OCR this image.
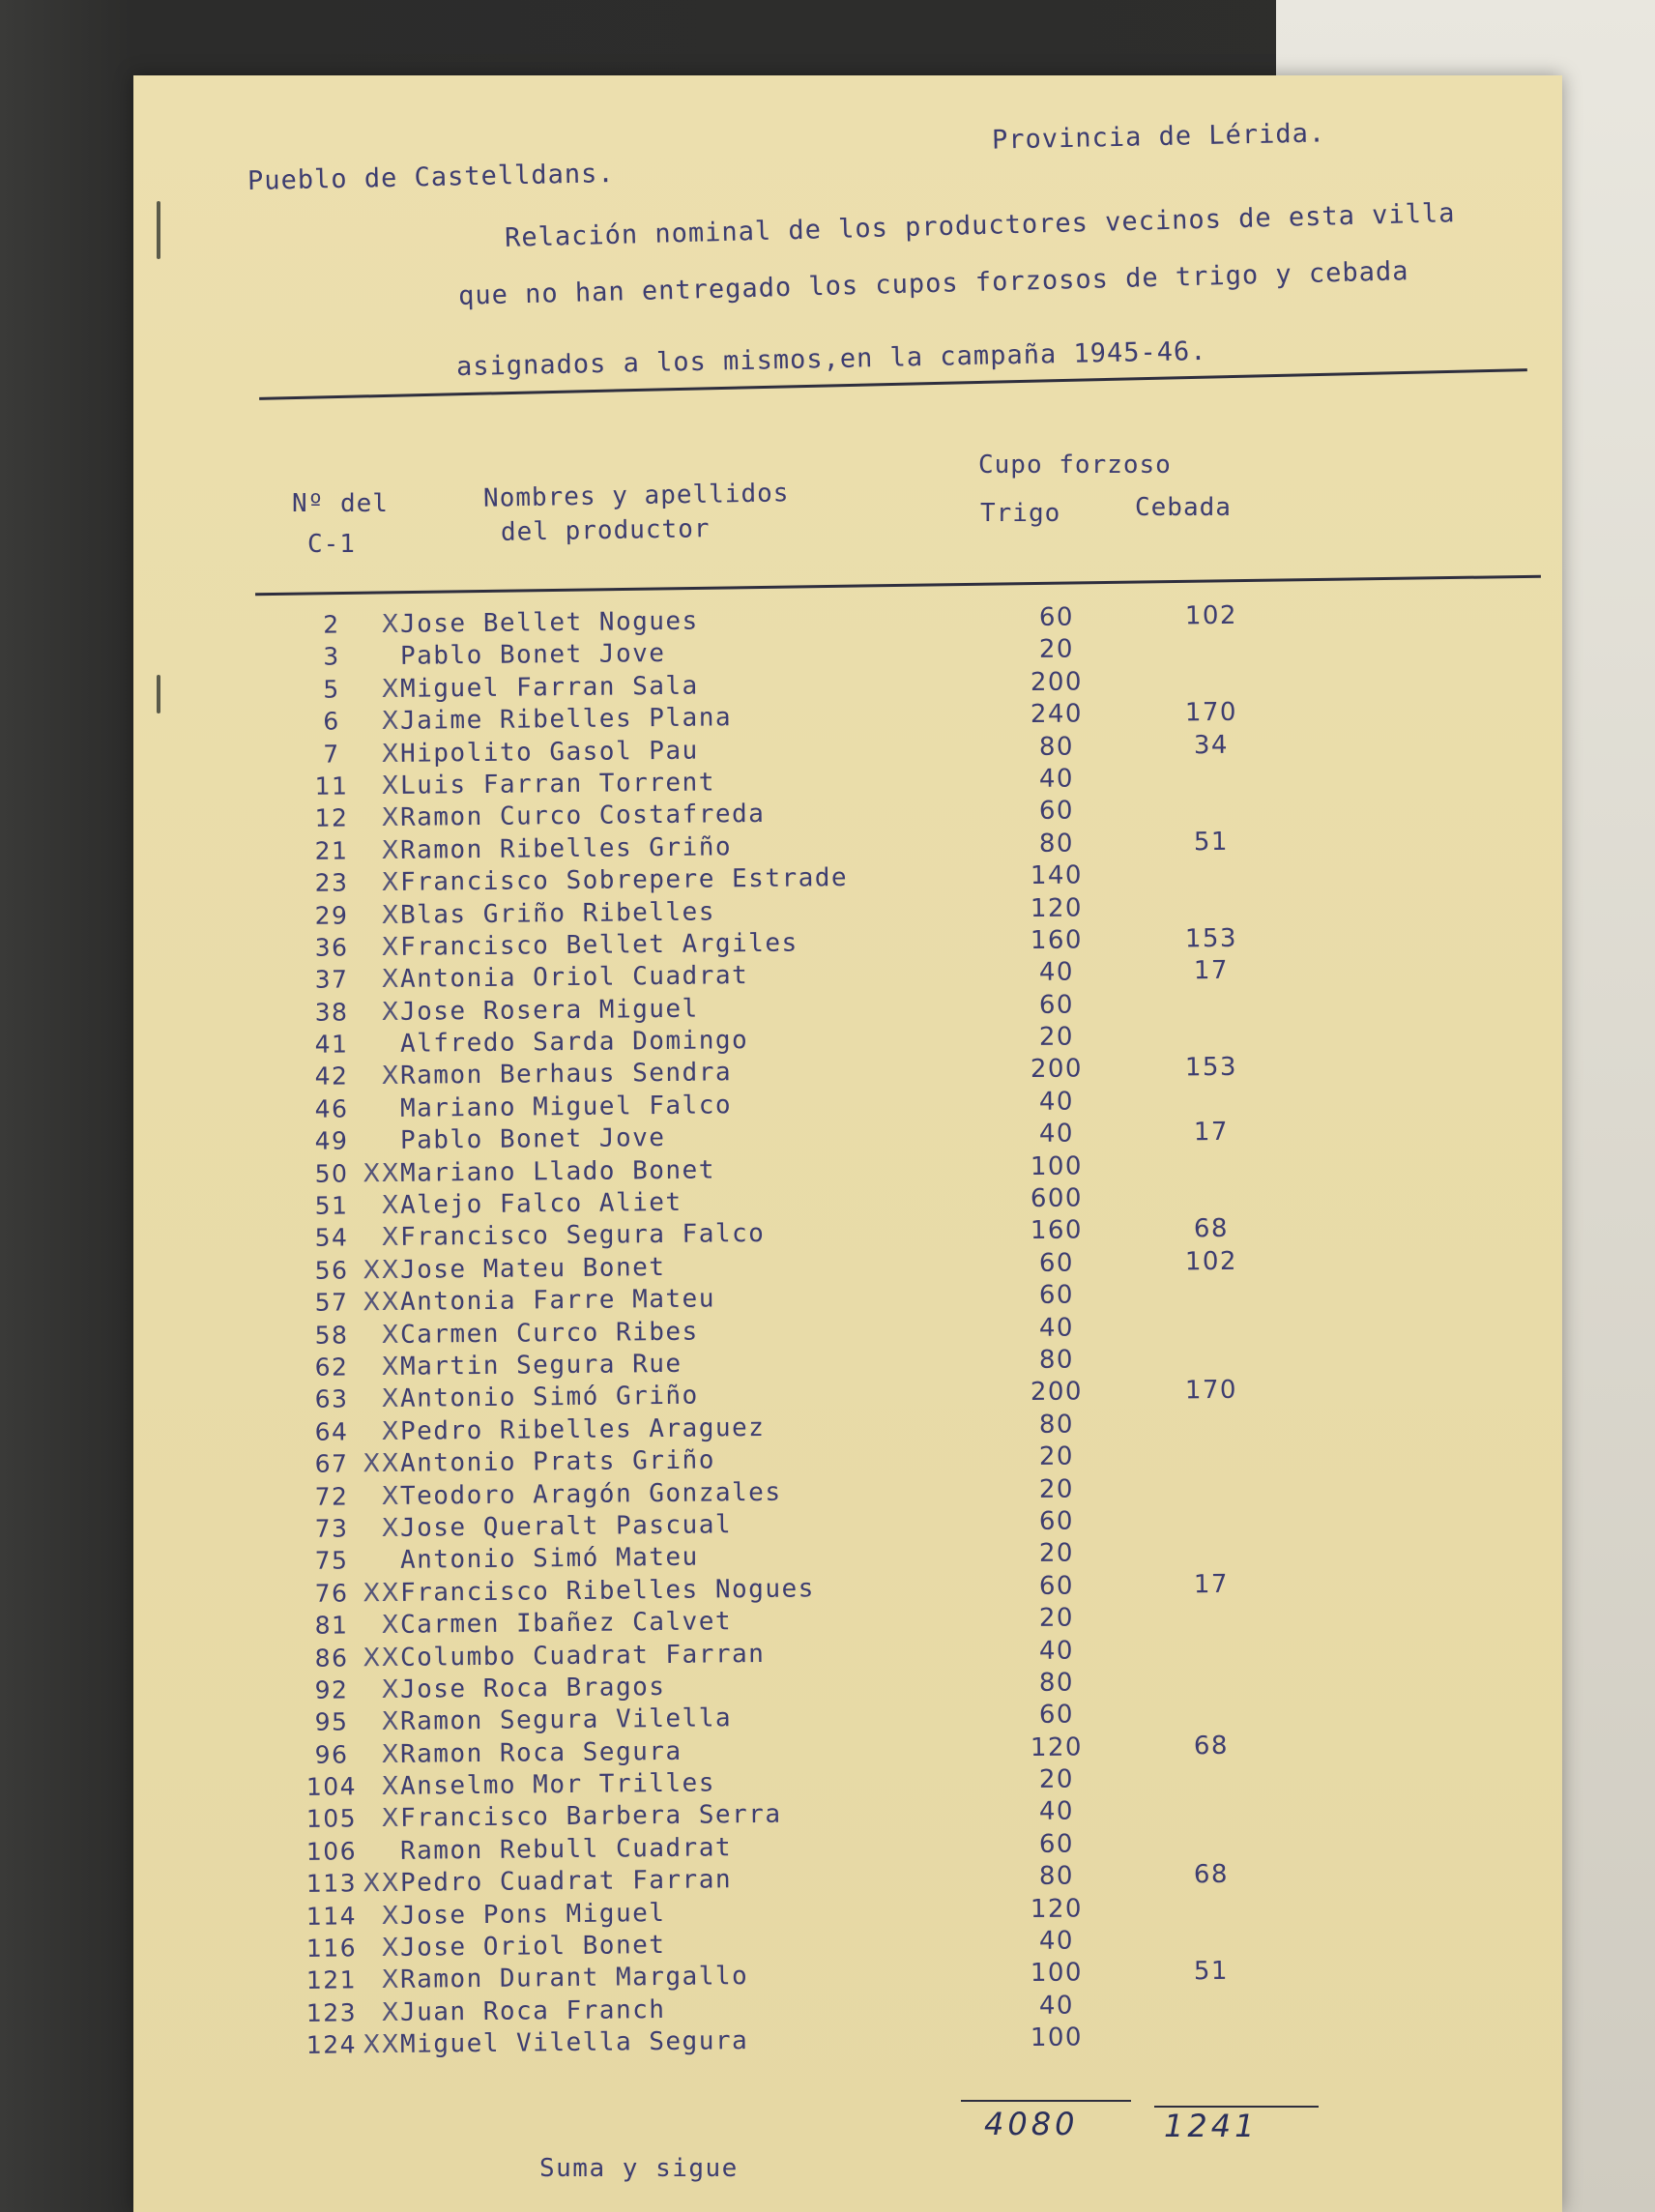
Pueblo de Castelldans.
Provincia de Lérida.
Relación nominal de los productores vecinos de esta villa
que no han entregado los cupos forzosos de trigo y cebada
asignados a los mismos,en la campaña 1945-46.
Nº del
C-1
Nombres y apellidos
del productor
Cupo forzoso
Trigo	Cebada
2	X Jose Bellet Nogues	60	102
3	Pablo Bonet Jove	20
5	X Miguel Farran Sala	200
6	X Jaime Ribelles Plana	240	170
7	X Hipolito Gasol Pau	80	34
11	X Luis Farran Torrent	40
12	X Ramon Curco Costafreda	60
21	X Ramon Ribelles Griño	80	51
23	X Francisco Sobrepere Estrade	140
29	X Blas Griño Ribelles	120
36	X Francisco Bellet Argiles	160	153
37	X Antonia Oriol Cuadrat	40	17
38	X Jose Rosera Miguel	60
41	Alfredo Sarda Domingo	20
42	X Ramon Berhaus Sendra	200	153
46	Mariano Miguel Falco	40
49	Pablo Bonet Jove	40	17
50 XX Mariano Llado Bonet	100
51	X Alejo Falco Aliet	600
54	X Francisco Segura Falco	160	68
56 XX Jose Mateu Bonet	60	102
57 XX Antonia Farre Mateu	60
58	X Carmen Curco Ribes	40
62	X Martin Segura Rue	80
63	X Antonio Simó Griño	200	170
64	X Pedro Ribelles Araguez	80
67 XX Antonio Prats Griño	20
72	X Teodoro Aragón Gonzales	20
73	X Jose Queralt Pascual	60
75	Antonio Simó Mateu	20
76 XX Francisco Ribelles Nogues	60	17
81	X Carmen Ibañez Calvet	20
86 XX Columbo Cuadrat Farran	40
92	X Jose Roca Bragos	80
95	X Ramon Segura Vilella	60
96	X Ramon Roca Segura	120	68
104 X Anselmo Mor Trilles	20
105 X Francisco Barbera Serra	40
106	Ramon Rebull Cuadrat	60
113 XX Pedro Cuadrat Farran	80	68
114 X Jose Pons Miguel	120
116 X Jose Oriol Bonet	40
121 X Ramon Durant Margallo	100	51
123 X Juan Roca Franch	40
124 XX Miguel Vilella Segura	100
Suma y sigue
4080	1241
